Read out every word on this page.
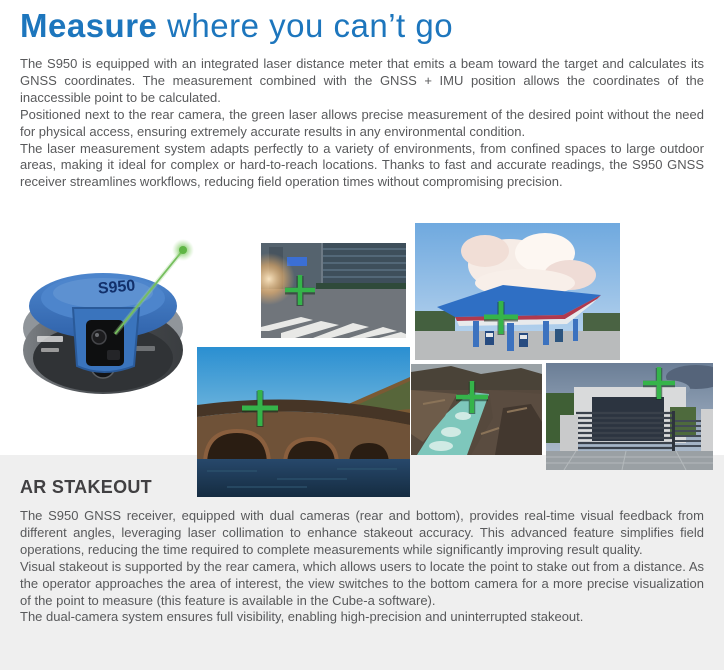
Measure where you can’t go

The S950 is equipped with an integrated laser distance meter that emits a beam toward the target and calculates its GNSS coordinates. The measurement combined with the GNSS + IMU position allows the coordinates of the inaccessible point to be calculated.

Positioned next to the rear camera, the green laser allows precise measurement of the desired point without the need for physical access, ensuring extremely accurate results in any environmental condition.

The laser measurement system adapts perfectly to a variety of environments, from confined spaces to large outdoor areas, making it ideal for complex or hard-to-reach locations. Thanks to fast and accurate readings, the S950 GNSS receiver streamlines workflows, reducing field operation times without compromising precision.

S950
AR STAKEOUT

The S950 GNSS receiver, equipped with dual cameras (rear and bottom), provides real-time visual feedback from different angles, leveraging laser collimation to enhance stakeout accuracy. This advanced feature simplifies field operations, reducing the time required to complete measurements while significantly improving result quality.

Visual stakeout is supported by the rear camera, which allows users to locate the point to stake out from a distance. As the operator approaches the area of interest, the view switches to the bottom camera for a more precise visualization of the point to measure (this feature is available in the Cube-a software).

The dual-camera system ensures full visibility, enabling high-precision and uninterrupted stakeout.
